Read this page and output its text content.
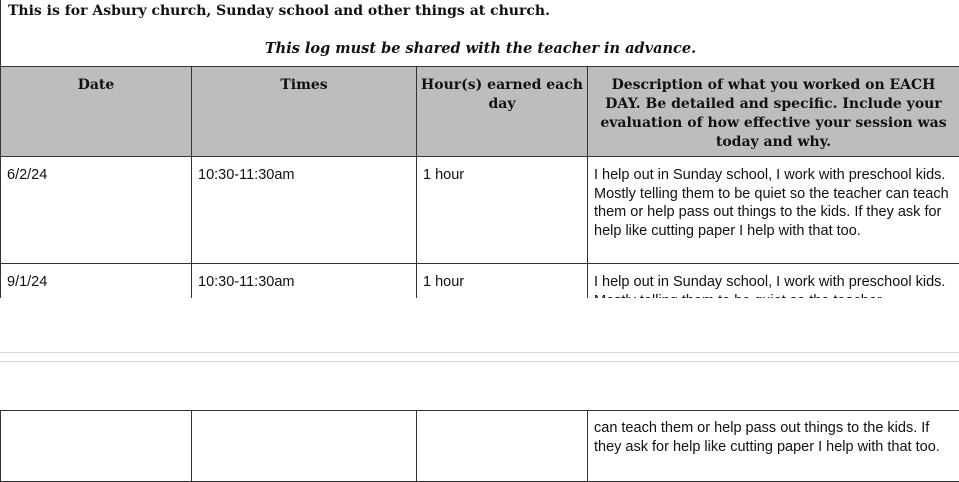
This is for Asbury church, Sunday school and other things at church.
This log must be shared with the teacher in advance.
Date	Times	Hour(s) earned each day	Description of what you worked on EACH DAY. Be detailed and specific. Include your evaluation of how effective your session was today and why.
6/2/24	10:30-11:30am	1 hour	I help out in Sunday school, I work with preschool kids. Mostly telling them to be quiet so the teacher can teach them or help pass out things to the kids. If they ask for help like cutting paper I help with that too.
9/1/24	10:30-11:30am	1 hour	I help out in Sunday school, I work with preschool kids.
			can teach them or help pass out things to the kids. If they ask for help like cutting paper I help with that too.
